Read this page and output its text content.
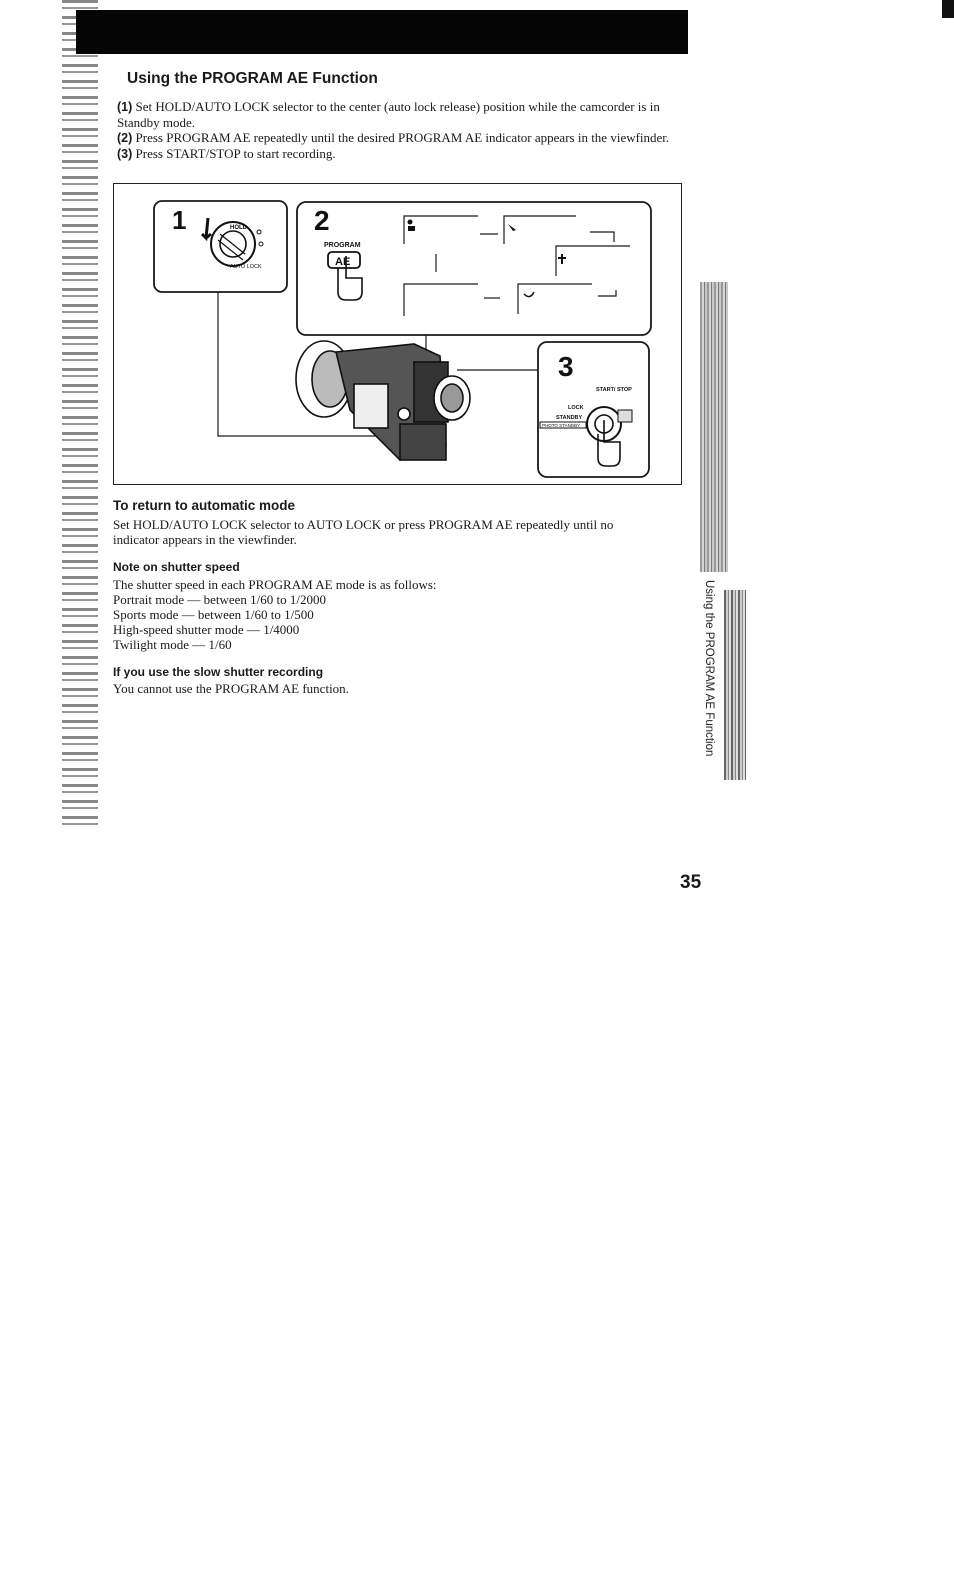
Using the PROGRAM AE Function
(1) Set HOLD/AUTO LOCK selector to the center (auto lock release) position while the camcorder is in Standby mode.
(2) Press PROGRAM AE repeatedly until the desired PROGRAM AE indicator appears in the viewfinder.
(3) Press START/STOP to start recording.
1	2
3
HOLD
AUTO LOCK
PROGRAM
AE
START/ STOP
LOCK
STANDBY
PHOTO STANDBY
To return to automatic mode
Set HOLD/AUTO LOCK selector to AUTO LOCK or press PROGRAM AE repeatedly until no indicator appears in the viewfinder.
Note on shutter speed
The shutter speed in each PROGRAM AE mode is as follows:
Portrait mode — between 1/60 to 1/2000
Sports mode — between 1/60 to 1/500
High-speed shutter mode — 1/4000
Twilight mode — 1/60
If you use the slow shutter recording
You cannot use the PROGRAM AE function.	Using the PROGRAM AE Function
35
